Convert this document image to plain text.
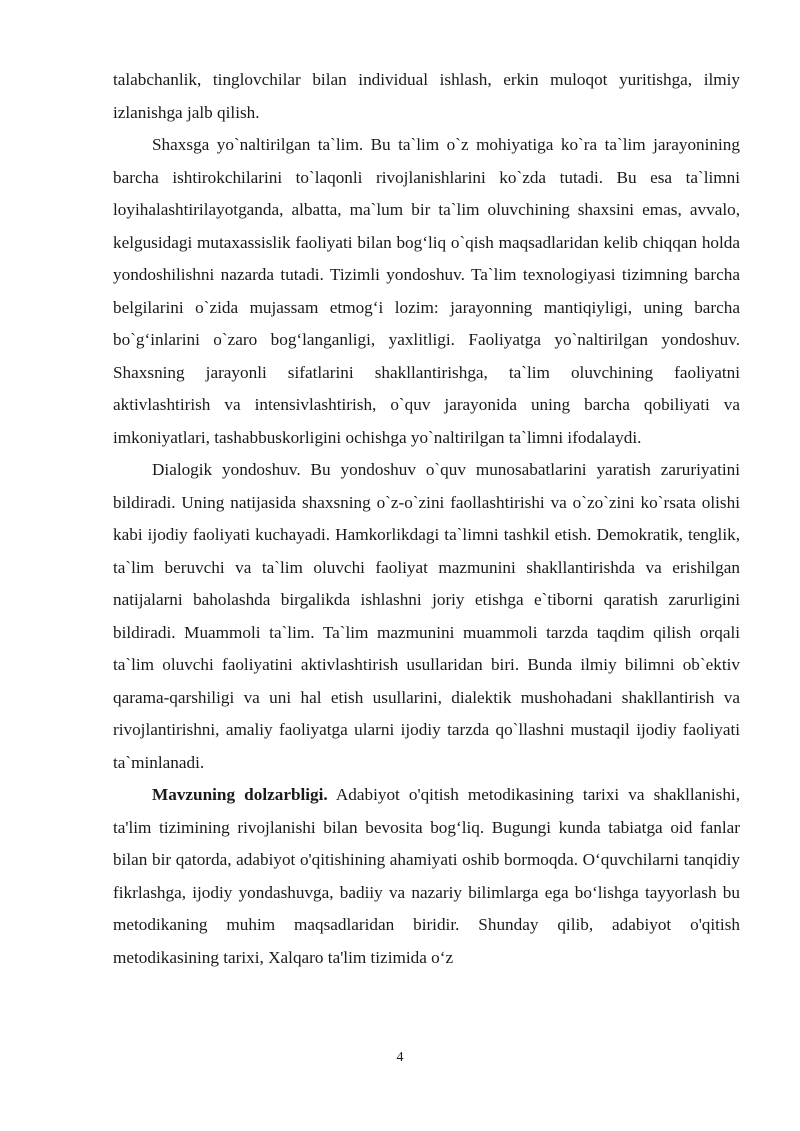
talabchanlik, tinglovchilar bilan individual ishlash, erkin muloqot yuritishga, ilmiy izlanishga jalb qilish.

Shaxsga yo`naltirilgan ta`lim. Bu ta`lim o`z mohiyatiga ko`ra ta`lim jarayonining barcha ishtirokchilarini to`laqonli rivojlanishlarini ko`zda tutadi. Bu esa ta`limni loyihalashtirilayotganda, albatta, ma`lum bir ta`lim oluvchining shaxsini emas, avvalo, kelgusidagi mutaxassislik faoliyati bilan bog‘liq o`qish maqsadlaridan kelib chiqqan holda yondoshilishni nazarda tutadi. Tizimli yondoshuv. Ta`lim texnologiyasi tizimning barcha belgilarini o`zida mujassam etmog‘i lozim: jarayonning mantiqiyligi, uning barcha bo`g‘inlarini o`zaro bog‘langanligi, yaxlitligi. Faoliyatga yo`naltirilgan yondoshuv. Shaxsning jarayonli sifatlarini shakllantirishga, ta`lim oluvchining faoliyatni aktivlashtirish va intensivlashtirish, o`quv jarayonida uning barcha qobiliyati va imkoniyatlari, tashabbuskorligini ochishga yo`naltirilgan ta`limni ifodalaydi.

Dialogik yondoshuv. Bu yondoshuv o`quv munosabatlarini yaratish zaruriyatini bildiradi. Uning natijasida shaxsning o`z-o`zini faollashtirishi va o`zo`zini ko`rsata olishi kabi ijodiy faoliyati kuchayadi. Hamkorlikdagi ta`limni tashkil etish. Demokratik, tenglik, ta`lim beruvchi va ta`lim oluvchi faoliyat mazmunini shakllantirishda va erishilgan natijalarni baholashda birgalikda ishlashni joriy etishga e`tiborni qaratish zarurligini bildiradi. Muammoli ta`lim. Ta`lim mazmunini muammoli tarzda taqdim qilish orqali ta`lim oluvchi faoliyatini aktivlashtirish usullaridan biri. Bunda ilmiy bilimni ob`ektiv qarama-qarshiligi va uni hal etish usullarini, dialektik mushohadani shakllantirish va rivojlantirishni, amaliy faoliyatga ularni ijodiy tarzda qo`llashni mustaqil ijodiy faoliyati ta`minlanadi.

Mavzuning dolzarbligi. Adabiyot o'qitish metodikasining tarixi va shakllanishi, ta'lim tizimining rivojlanishi bilan bevosita bog‘liq. Bugungi kunda tabiatga oid fanlar bilan bir qatorda, adabiyot o'qitishining ahamiyati oshib bormoqda. O‘quvchilarni tanqidiy fikrlashga, ijodiy yondashuvga, badiiy va nazariy bilimlarga ega bo‘lishga tayyorlash bu metodikaning muhim maqsadlaridan biridir. Shunday qilib, adabiyot o'qitish metodikasining tarixi, Xalqaro ta'lim tizimida o‘z

4
